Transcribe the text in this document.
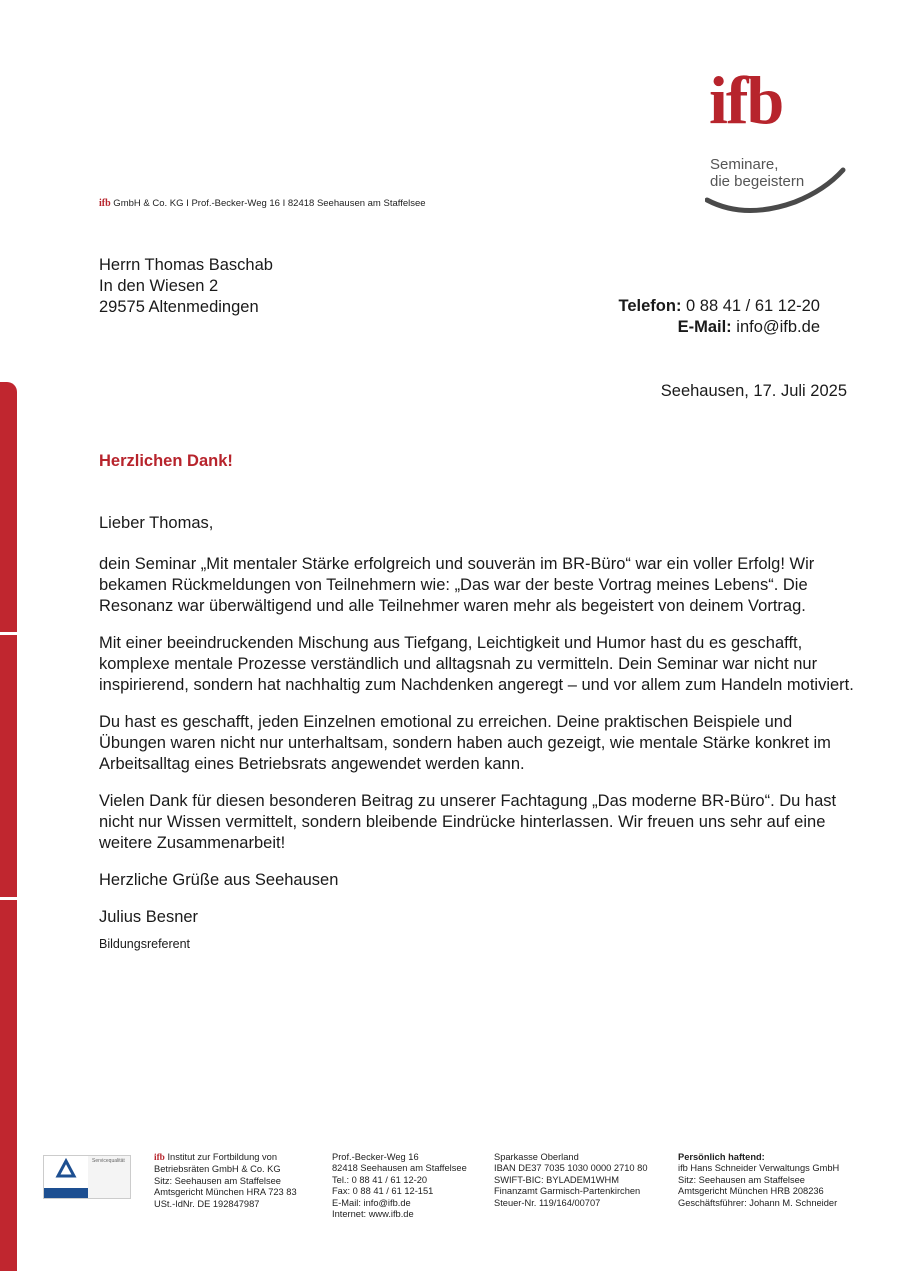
ifb
Seminare,
die begeistern
ifb GmbH & Co. KG I Prof.-Becker-Weg 16 I 82418 Seehausen am Staffelsee
Herrn Thomas Baschab
In den Wiesen 2
29575 Altenmedingen	Telefon: 0 88 41 / 61 12-20
E-Mail: info@ifb.de
Seehausen, 17. Juli 2025
Herzlichen Dank!

Lieber Thomas,

dein Seminar „Mit mentaler Stärke erfolgreich und souverän im BR-Büro“ war ein voller Erfolg! Wir bekamen Rückmeldungen von Teilnehmern wie: „Das war der beste Vortrag meines Lebens“. Die Resonanz war überwältigend und alle Teilnehmer waren mehr als begeistert von deinem Vortrag.

Mit einer beeindruckenden Mischung aus Tiefgang, Leichtigkeit und Humor hast du es geschafft, komplexe mentale Prozesse verständlich und alltagsnah zu vermitteln. Dein Seminar war nicht nur inspirierend, sondern hat nachhaltig zum Nachdenken angeregt – und vor allem zum Handeln motiviert.

Du hast es geschafft, jeden Einzelnen emotional zu erreichen. Deine praktischen Beispiele und Übungen waren nicht nur unterhaltsam, sondern haben auch gezeigt, wie mentale Stärke konkret im Arbeitsalltag eines Betriebsrats angewendet werden kann.

Vielen Dank für diesen besonderen Beitrag zu unserer Fachtagung „Das moderne BR-Büro“. Du hast nicht nur Wissen vermittelt, sondern bleibende Eindrücke hinterlassen. Wir freuen uns sehr auf eine weitere Zusammenarbeit!

Herzliche Grüße aus Seehausen

Julius Besner
Bildungsreferent
Servicequalität	ifb Institut zur Fortbildung von
Betriebsräten GmbH & Co. KG
Sitz: Seehausen am Staffelsee
Amtsgericht München HRA 723 83
USt.-IdNr. DE 192847987
Prof.-Becker-Weg 16
82418 Seehausen am Staffelsee
Tel.: 0 88 41 / 61 12-20
Fax: 0 88 41 / 61 12-151
E-Mail: info@ifb.de
Internet: www.ifb.de
Sparkasse Oberland
IBAN DE37 7035 1030 0000 2710 80
SWIFT-BIC: BYLADEM1WHM
Finanzamt Garmisch-Partenkirchen
Steuer-Nr. 119/164/00707
Persönlich haftend:
ifb Hans Schneider Verwaltungs GmbH
Sitz: Seehausen am Staffelsee
Amtsgericht München HRB 208236
Geschäftsführer: Johann M. Schneider
